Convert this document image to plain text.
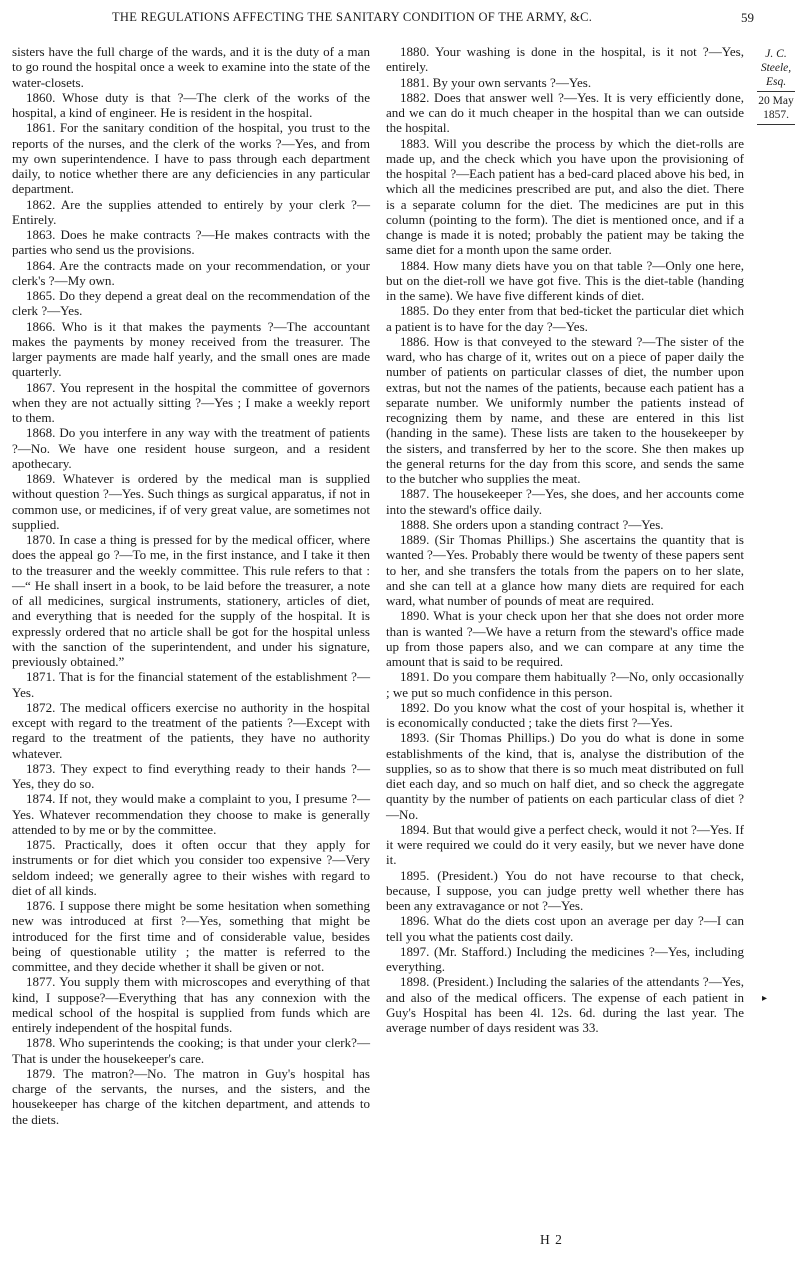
THE REGULATIONS AFFECTING THE SANITARY CONDITION OF THE ARMY, &C.	59

sisters have the full charge of the wards, and it is the duty of a man to go round the hospital once a week to examine into the state of the water-closets.

1860. Whose duty is that ?—The clerk of the works of the hospital, a kind of engineer. He is resident in the hospital.

1861. For the sanitary condition of the hospital, you trust to the reports of the nurses, and the clerk of the works ?—Yes, and from my own superintendence. I have to pass through each department daily, to notice whether there are any deficiencies in any particular department.

1862. Are the supplies attended to entirely by your clerk ?—Entirely.

1863. Does he make contracts ?—He makes contracts with the parties who send us the provisions.

1864. Are the contracts made on your recommendation, or your clerk's ?—My own.

1865. Do they depend a great deal on the recommendation of the clerk ?—Yes.

1866. Who is it that makes the payments ?—The accountant makes the payments by money received from the treasurer. The larger payments are made half yearly, and the small ones are made quarterly.

1867. You represent in the hospital the committee of governors when they are not actually sitting ?—Yes ; I make a weekly report to them.

1868. Do you interfere in any way with the treatment of patients ?—No. We have one resident house surgeon, and a resident apothecary.

1869. Whatever is ordered by the medical man is supplied without question ?—Yes. Such things as surgical apparatus, if not in common use, or medicines, if of very great value, are sometimes not supplied.

1870. In case a thing is pressed for by the medical officer, where does the appeal go ?—To me, in the first instance, and I take it then to the treasurer and the weekly committee. This rule refers to that :—“ He shall insert in a book, to be laid before the treasurer, a note of all medicines, surgical instruments, stationery, articles of diet, and everything that is needed for the supply of the hospital. It is expressly ordered that no article shall be got for the hospital unless with the sanction of the superintendent, and under his signature, previously obtained.”

1871. That is for the financial statement of the establishment ?—Yes.

1872. The medical officers exercise no authority in the hospital except with regard to the treatment of the patients ?—Except with regard to the treatment of the patients, they have no authority whatever.

1873. They expect to find everything ready to their hands ?—Yes, they do so.

1874. If not, they would make a complaint to you, I presume ?—Yes. Whatever recommendation they choose to make is generally attended to by me or by the committee.

1875. Practically, does it often occur that they apply for instruments or for diet which you consider too expensive ?—Very seldom indeed; we generally agree to their wishes with regard to diet of all kinds.

1876. I suppose there might be some hesitation when something new was introduced at first ?—Yes, something that might be introduced for the first time and of considerable value, besides being of questionable utility ; the matter is referred to the committee, and they decide whether it shall be given or not.

1877. You supply them with microscopes and everything of that kind, I suppose?—Everything that has any connexion with the medical school of the hospital is supplied from funds which are entirely independent of the hospital funds.

1878. Who superintends the cooking; is that under your clerk?—That is under the housekeeper's care.

1879. The matron?—No. The matron in Guy's hospital has charge of the servants, the nurses, and the sisters, and the housekeeper has charge of the kitchen department, and attends to the diets.

1880. Your washing is done in the hospital, is it not ?—Yes, entirely.

1881. By your own servants ?—Yes.

1882. Does that answer well ?—Yes. It is very efficiently done, and we can do it much cheaper in the hospital than we can outside the hospital.

1883. Will you describe the process by which the diet-rolls are made up, and the check which you have upon the provisioning of the hospital ?—Each patient has a bed-card placed above his bed, in which all the medicines prescribed are put, and also the diet. There is a separate column for the diet. The medicines are put in this column (pointing to the form). The diet is mentioned once, and if a change is made it is noted; probably the patient may be taking the same diet for a month upon the same order.

1884. How many diets have you on that table ?—Only one here, but on the diet-roll we have got five. This is the diet-table (handing in the same). We have five different kinds of diet.

1885. Do they enter from that bed-ticket the particular diet which a patient is to have for the day ?—Yes.

1886. How is that conveyed to the steward ?—The sister of the ward, who has charge of it, writes out on a piece of paper daily the number of patients on particular classes of diet, the number upon extras, but not the names of the patients, because each patient has a separate number. We uniformly number the patients instead of recognizing them by name, and these are entered in this list (handing in the same). These lists are taken to the housekeeper by the sisters, and transferred by her to the score. She then makes up the general returns for the day from this score, and sends the same to the butcher who supplies the meat.

1887. The housekeeper ?—Yes, she does, and her accounts come into the steward's office daily.

1888. She orders upon a standing contract ?—Yes.

1889. (Sir Thomas Phillips.) She ascertains the quantity that is wanted ?—Yes. Probably there would be twenty of these papers sent to her, and she transfers the totals from the papers on to her slate, and she can tell at a glance how many diets are required for each ward, what number of pounds of meat are required.

1890. What is your check upon her that she does not order more than is wanted ?—We have a return from the steward's office made up from those papers also, and we can compare at any time the amount that is said to be required.

1891. Do you compare them habitually ?—No, only occasionally ; we put so much confidence in this person.

1892. Do you know what the cost of your hospital is, whether it is economically conducted ; take the diets first ?—Yes.

1893. (Sir Thomas Phillips.) Do you do what is done in some establishments of the kind, that is, analyse the distribution of the supplies, so as to show that there is so much meat distributed on full diet each day, and so much on half diet, and so check the aggregate quantity by the number of patients on each particular class of diet ?—No.

1894. But that would give a perfect check, would it not ?—Yes. If it were required we could do it very easily, but we never have done it.

1895. (President.) You do not have recourse to that check, because, I suppose, you can judge pretty well whether there has been any extravagance or not ?—Yes.

1896. What do the diets cost upon an average per day ?—I can tell you what the patients cost daily.

1897. (Mr. Stafford.) Including the medicines ?—Yes, including everything.

1898. (President.) Including the salaries of the attendants ?—Yes, and also of the medical officers. The expense of each patient in Guy's Hospital has been 4l. 12s. 6d. during the last year. The average number of days resident was 33.

J. C. Steele,
Esq.
20 May 1857.
▸
H 2
